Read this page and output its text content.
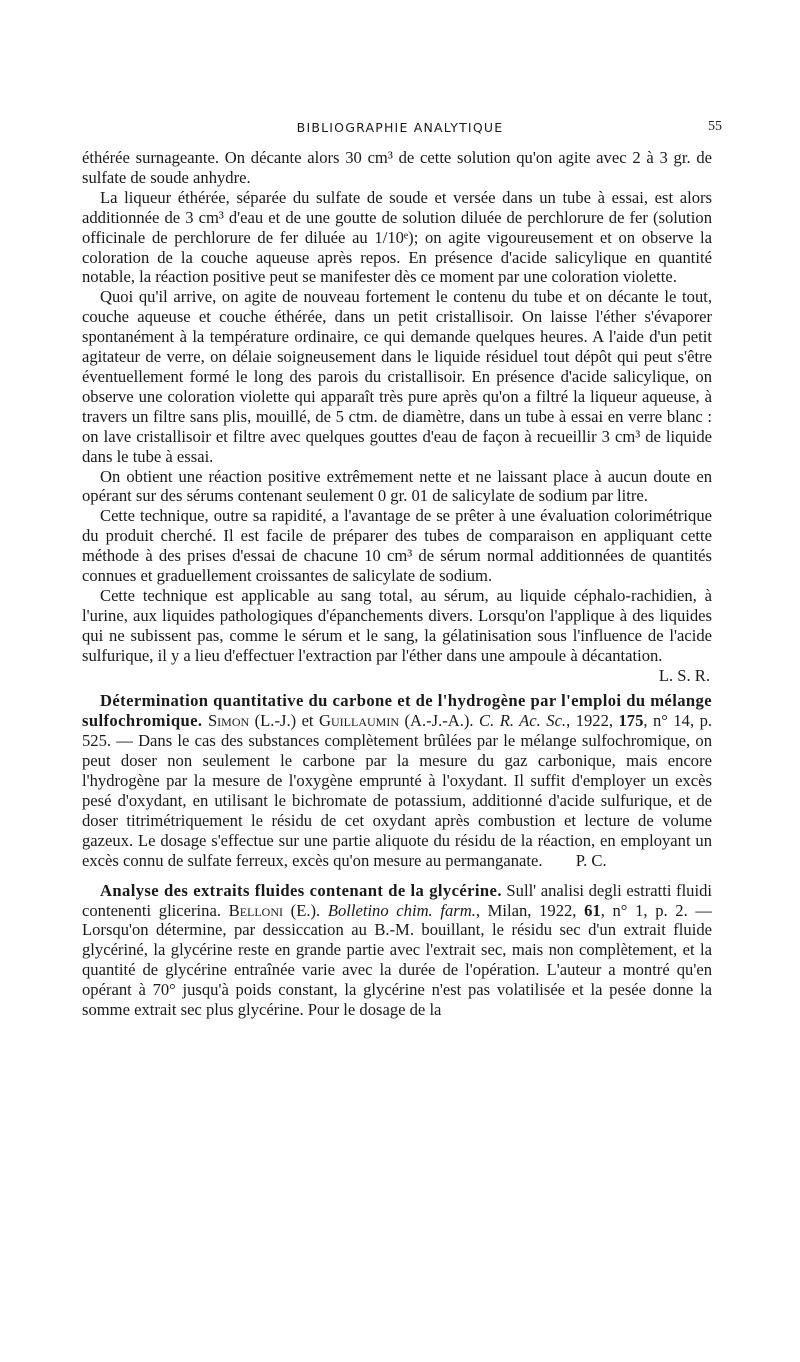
BIBLIOGRAPHIE ANALYTIQUE	55

éthérée surnageante. On décante alors 30 cm³ de cette solution qu'on agite avec 2 à 3 gr. de sulfate de soude anhydre.

La liqueur éthérée, séparée du sulfate de soude et versée dans un tube à essai, est alors additionnée de 3 cm³ d'eau et de une goutte de solution diluée de perchlorure de fer (solution officinale de perchlorure de fer diluée au 1/10ᵉ); on agite vigoureusement et on observe la coloration de la couche aqueuse après repos. En présence d'acide salicylique en quantité notable, la réaction positive peut se manifester dès ce moment par une coloration violette.

Quoi qu'il arrive, on agite de nouveau fortement le contenu du tube et on décante le tout, couche aqueuse et couche éthérée, dans un petit cristallisoir. On laisse l'éther s'évaporer spontanément à la température ordinaire, ce qui demande quelques heures. A l'aide d'un petit agitateur de verre, on délaie soigneusement dans le liquide résiduel tout dépôt qui peut s'être éventuellement formé le long des parois du cristallisoir. En présence d'acide salicylique, on observe une coloration violette qui apparaît très pure après qu'on a filtré la liqueur aqueuse, à travers un filtre sans plis, mouillé, de 5 ctm. de diamètre, dans un tube à essai en verre blanc : on lave cristallisoir et filtre avec quelques gouttes d'eau de façon à recueillir 3 cm³ de liquide dans le tube à essai.

On obtient une réaction positive extrêmement nette et ne laissant place à aucun doute en opérant sur des sérums contenant seulement 0 gr. 01 de salicylate de sodium par litre.

Cette technique, outre sa rapidité, a l'avantage de se prêter à une évaluation colorimétrique du produit cherché. Il est facile de préparer des tubes de comparaison en appliquant cette méthode à des prises d'essai de chacune 10 cm³ de sérum normal additionnées de quantités connues et graduellement croissantes de salicylate de sodium.

Cette technique est applicable au sang total, au sérum, au liquide céphalo-rachidien, à l'urine, aux liquides pathologiques d'épanchements divers. Lorsqu'on l'applique à des liquides qui ne subissent pas, comme le sérum et le sang, la gélatinisation sous l'influence de l'acide sulfurique, il y a lieu d'effectuer l'extraction par l'éther dans une ampoule à décantation.

L. S. R.

Détermination quantitative du carbone et de l'hydrogène par l'emploi du mélange sulfochromique. Simon (L.-J.) et Guillaumin (A.-J.-A.). C. R. Ac. Sc., 1922, 175, n° 14, p. 525. — Dans le cas des substances complètement brûlées par le mélange sulfochromique, on peut doser non seulement le carbone par la mesure du gaz carbonique, mais encore l'hydrogène par la mesure de l'oxygène emprunté à l'oxydant. Il suffit d'employer un excès pesé d'oxydant, en utilisant le bichromate de potassium, additionné d'acide sulfurique, et de doser titrimétriquement le résidu de cet oxydant après combustion et lecture de volume gazeux. Le dosage s'effectue sur une partie aliquote du résidu de la réaction, en employant un excès connu de sulfate ferreux, excès qu'on mesure au permanganate. P. C.

Analyse des extraits fluides contenant de la glycérine. Sull' analisi degli estratti fluidi contenenti glicerina. Belloni (E.). Bolletino chim. farm., Milan, 1922, 61, n° 1, p. 2. — Lorsqu'on détermine, par dessiccation au B.-M. bouillant, le résidu sec d'un extrait fluide glycériné, la glycérine reste en grande partie avec l'extrait sec, mais non complètement, et la quantité de glycérine entraînée varie avec la durée de l'opération. L'auteur a montré qu'en opérant à 70° jusqu'à poids constant, la glycérine n'est pas volatilisée et la pesée donne la somme extrait sec plus glycérine. Pour le dosage de la
